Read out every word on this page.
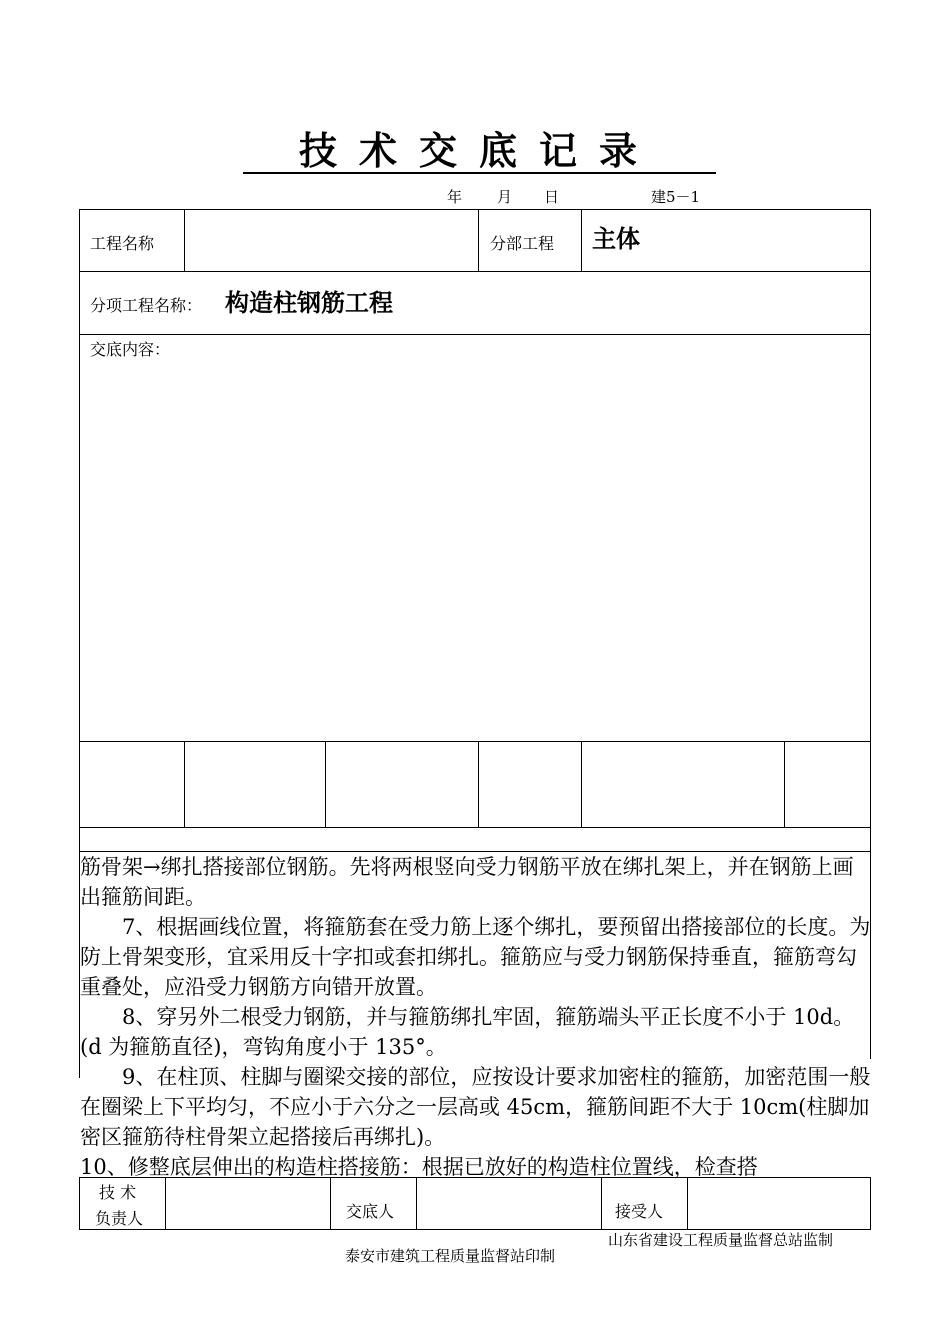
技术交底记录
年 月 日	建5－1
工程名称	分部工程 主体
分项工程名称： 构造柱钢筋工程
交底内容：

筋骨架→绑扎搭接部位钢筋。先将两根竖向受力钢筋平放在绑扎架上，并在钢筋上画出箍筋间距。

7、根据画线位置，将箍筋套在受力筋上逐个绑扎，要预留出搭接部位的长度。为防上骨架变形，宜采用反十字扣或套扣绑扎。箍筋应与受力钢筋保持垂直，箍筋弯勾重叠处，应沿受力钢筋方向错开放置。

8、穿另外二根受力钢筋，并与箍筋绑扎牢固，箍筋端头平正长度不小于 10d。(d 为箍筋直径)，弯钩角度小于 135°。

9、在柱顶、柱脚与圈梁交接的部位，应按设计要求加密柱的箍筋，加密范围一般在圈梁上下平均匀，不应小于六分之一层高或 45cm，箍筋间距不大于 10cm(柱脚加密区箍筋待柱骨架立起搭接后再绑扎)。

10、修整底层伸出的构造柱搭接筋：根据已放好的构造柱位置线，检查搭

技 术
负责人	交底人	接受人
山东省建设工程质量监督总站监制
泰安市建筑工程质量监督站印制
